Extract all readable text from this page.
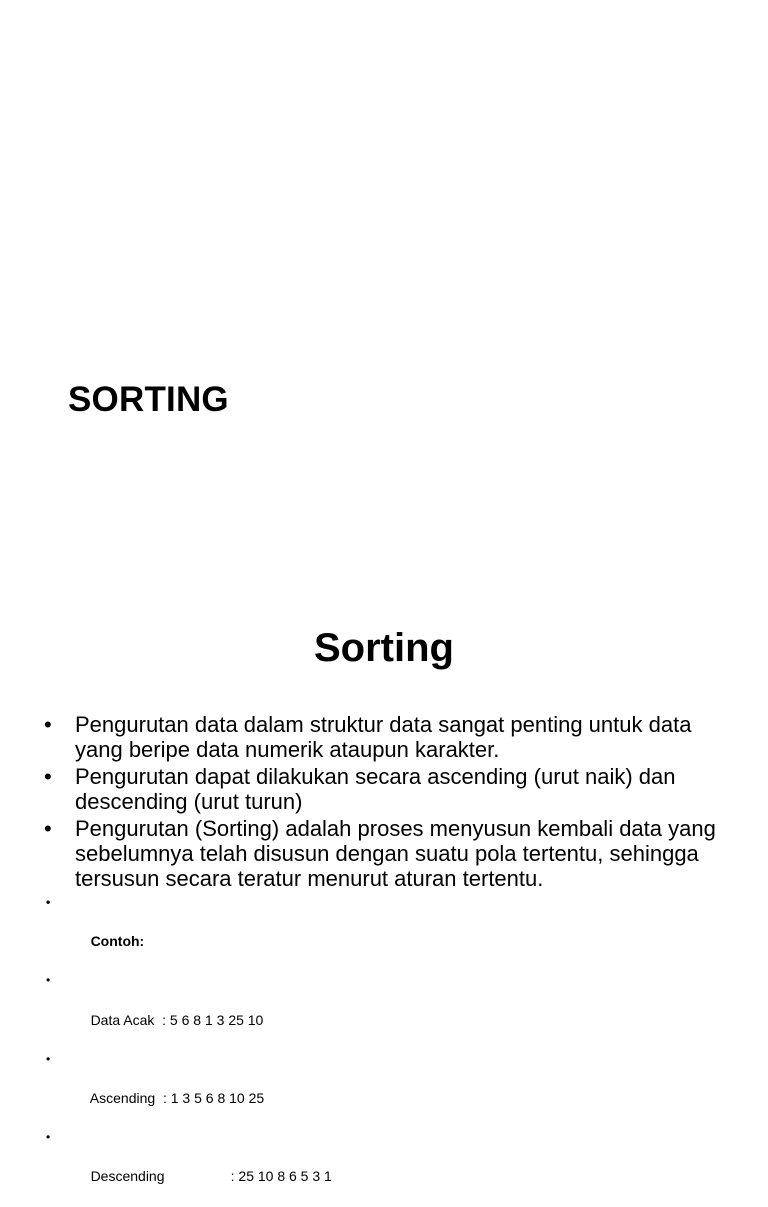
SORTING
Sorting
• Pengurutan data dalam struktur data sangat penting untuk data yang beripe data numerik ataupun karakter.
• Pengurutan dapat dilakukan secara ascending (urut naik) dan descending (urut turun)
• Pengurutan (Sorting) adalah proses menyusun kembali data yang sebelumnya telah disusun dengan suatu pola tertentu, sehingga tersusun secara teratur menurut aturan tertentu.

•

Contoh:

•

Data Acak  : 5 6 8 1 3 25 10

•

Ascending  : 1 3 5 6 8 10 25

•

Descending                 : 25 10 8 6 5 3 1
